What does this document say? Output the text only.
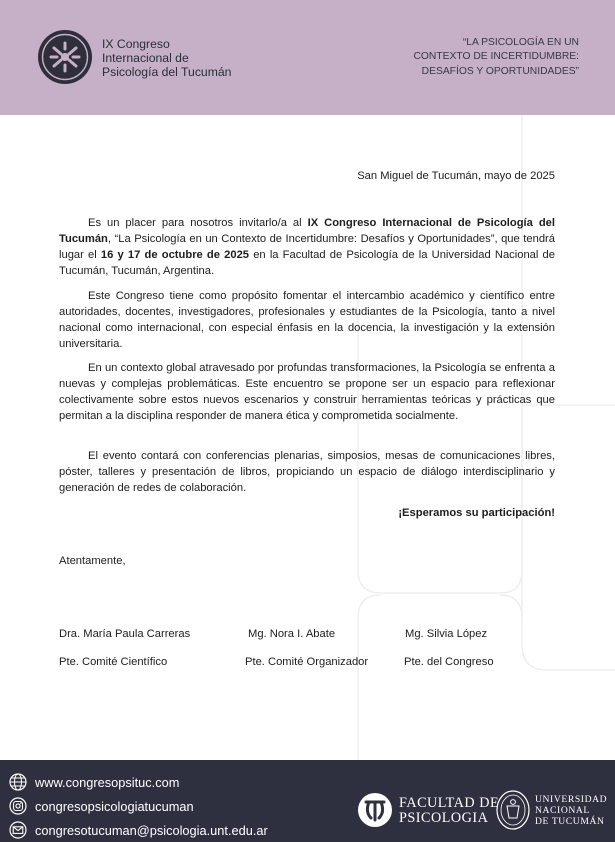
IX Congreso
Internacional de
Psicología del Tucumán
“LA PSICOLOGÍA EN UN
CONTEXTO DE INCERTIDUMBRE:
DESAFÍOS Y OPORTUNIDADES”
San Miguel de Tucumán, mayo de 2025
Es un placer para nosotros invitarlo/a al IX Congreso Internacional de Psicología del Tucumán, “La Psicología en un Contexto de Incertidumbre: Desafíos y Oportunidades”, que tendrá lugar el 16 y 17 de octubre de 2025 en la Facultad de Psicología de la Universidad Nacional de Tucumán, Tucumán, Argentina.
Este Congreso tiene como propósito fomentar el intercambio académico y científico entre autoridades, docentes, investigadores, profesionales y estudiantes de la Psicología, tanto a nivel nacional como internacional, con especial énfasis en la docencia, la investigación y la extensión universitaria.
En un contexto global atravesado por profundas transformaciones, la Psicología se enfrenta a nuevas y complejas problemáticas. Este encuentro se propone ser un espacio para reflexionar colectivamente sobre estos nuevos escenarios y construir herramientas teóricas y prácticas que permitan a la disciplina responder de manera ética y comprometida socialmente.
El evento contará con conferencias plenarias, simposios, mesas de comunicaciones libres, póster, talleres y presentación de libros, propiciando un espacio de diálogo interdisciplinario y generación de redes de colaboración.
¡Esperamos su participación!
Atentamente,
Dra. María Paula Carreras
Pte. Comité Científico
Mg. Nora I. Abate
Pte. Comité Organizador
Mg. Silvia López
Pte. del Congreso
www.congresopsituc.com
congresopsicologiatucuman
congresotucuman@psicologia.unt.edu.ar
FACULTAD DE
PSICOLOGIA
UNIVERSIDAD
NACIONAL
DE TUCUMÁN
